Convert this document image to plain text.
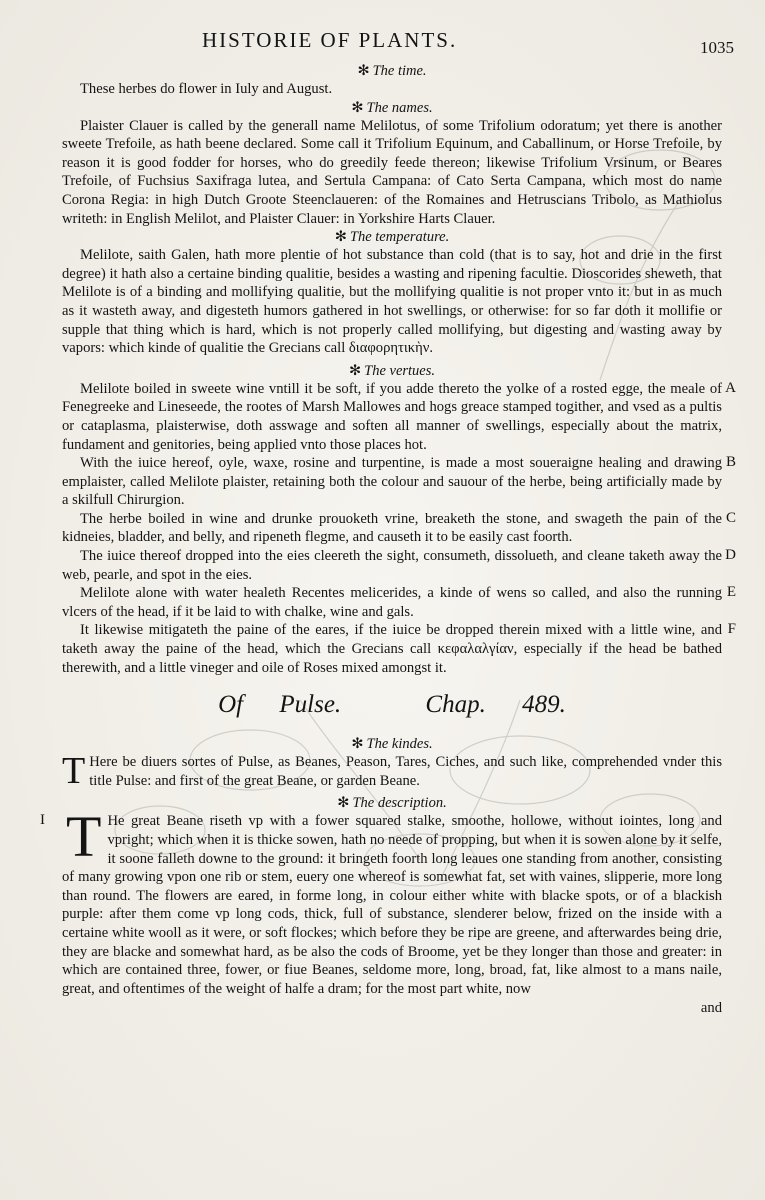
HISTORIE OF PLANTS.	1035
✻ The time.

These herbes do flower in Iuly and August.

✻ The names.

Plaister Clauer is called by the generall name Melilotus, of some Trifolium odoratum; yet there is another sweete Trefoile, as hath beene declared. Some call it Trifolium Equinum, and Caballinum, or Horse Trefoile, by reason it is good fodder for horses, who do greedily feede thereon; likewise Trifolium Vrsinum, or Beares Trefoile, of Fuchsius Saxifraga lutea, and Sertula Campana: of Cato Serta Campana, which most do name Corona Regia: in high Dutch Groote Steenclaueren: of the Romaines and Hetruscians Tribolo, as Mathiolus writeth: in English Melilot, and Plaister Clauer: in Yorkshire Harts Clauer.

✻ The temperature.

Melilote, saith Galen, hath more plentie of hot substance than cold (that is to say, hot and drie in the first degree) it hath also a certaine binding qualitie, besides a wasting and ripening facultie. Dioscorides sheweth, that Melilote is of a binding and mollifying qualitie, but the mollifying qualitie is not proper vnto it: but in as much as it wasteth away, and digesteth humors gathered in hot swellings, or otherwise: for so far doth it mollifie or supple that thing which is hard, which is not properly called mollifying, but digesting and wasting away by vapors: which kinde of qualitie the Grecians call διαφορητικὴν.

✻ The vertues.
A

Melilote boiled in sweete wine vntill it be soft, if you adde thereto the yolke of a rosted egge, the meale of Fenegreeke and Lineseede, the rootes of Marsh Mallowes and hogs greace stamped togither, and vsed as a pultis or cataplasma, plaisterwise, doth asswage and soften all manner of swellings, especially about the matrix, fundament and genitories, being applied vnto those places hot.

B

With the iuice hereof, oyle, waxe, rosine and turpentine, is made a most soueraigne healing and drawing emplaister, called Melilote plaister, retaining both the colour and sauour of the herbe, being artificially made by a skilfull Chirurgion.

C

The herbe boiled in wine and drunke prouoketh vrine, breaketh the stone, and swageth the pain of the kidneies, bladder, and belly, and ripeneth flegme, and causeth it to be easily cast foorth.

D

The iuice thereof dropped into the eies cleereth the sight, consumeth, dissolueth, and cleane taketh away the web, pearle, and spot in the eies.

E

Melilote alone with water healeth Recentes melicerides, a kinde of wens so called, and also the running vlcers of the head, if it be laid to with chalke, wine and gals.

F

It likewise mitigateth the paine of the eares, if the iuice be dropped therein mixed with a little wine, and taketh away the paine of the head, which the Grecians call κεφαλαλγίαν, especially if the head be bathed therewith, and a little vineger and oile of Roses mixed amongst it.

Of Pulse.	Chap. 489.
✻ The kindes.
T Here be diuers sortes of Pulse, as Beanes, Peason, Tares, Ciches, and such like, comprehended vnder this title Pulse: and first of the great Beane, or garden Beane.

✻ The description.
I T He great Beane riseth vp with a fower squared stalke, smoothe, hollowe, without iointes, long and vpright; which when it is thicke sowen, hath no neede of propping, but when it is sowen alone by it selfe, it soone falleth downe to the ground: it bringeth foorth long leaues one standing from another, consisting of many growing vpon one rib or stem, euery one whereof is somewhat fat, set with vaines, slipperie, more long than round. The flowers are eared, in forme long, in colour either white with blacke spots, or of a blackish purple: after them come vp long cods, thick, full of substance, slenderer below, frized on the inside with a certaine white wooll as it were, or soft flockes; which before they be ripe are greene, and afterwardes being drie, they are blacke and somewhat hard, as be also the cods of Broome, yet be they longer than those and greater: in which are contained three, fower, or fiue Beanes, seldome more, long, broad, fat, like almost to a mans naile, great, and oftentimes of the weight of halfe a dram; for the most part white, now

and
